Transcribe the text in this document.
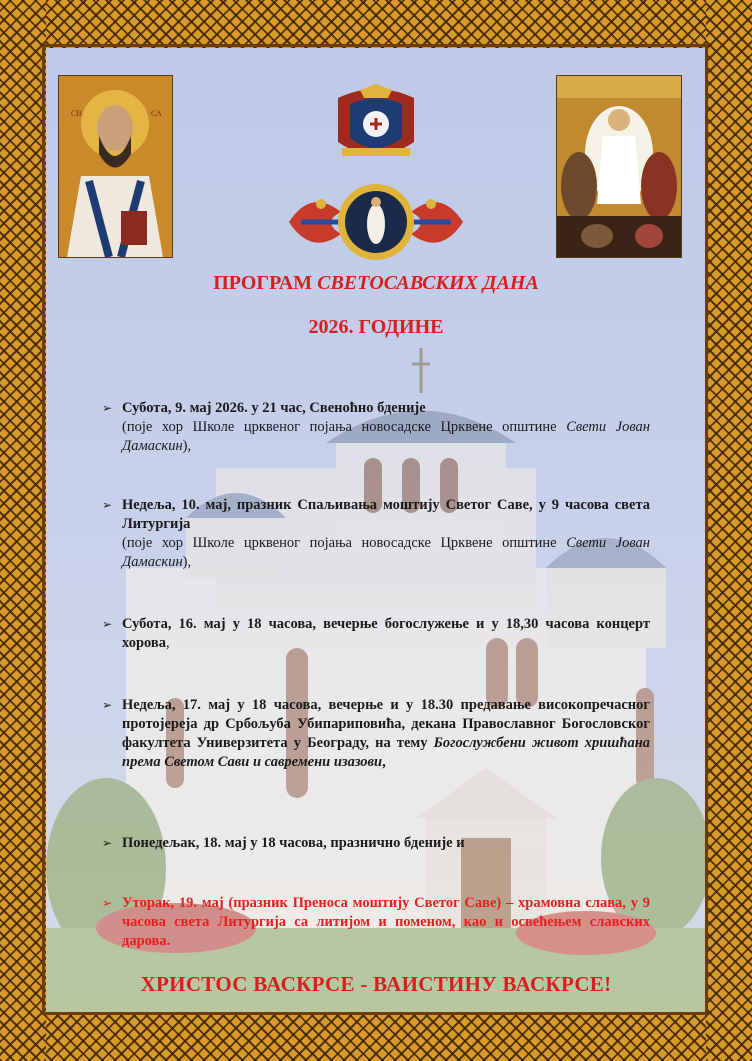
СВ	СА
ПРОГРАМ СВЕТОСАВСКИХ ДАНА
2026. ГОДИНЕ
➢ Субота, 9. мај 2026. у 21 час, Свеноћно бденије
(поје хор Школе црквеног појања новосадске Црквене општине Свети Јован Дамаскин),
➢ Недеља, 10. мај, празник Спаљивања моштију Светог Саве, у 9 часова света Литургија
(поје хор Школе црквеног појања новосадске Црквене општине Свети Јован Дамаскин),
➢ Субота, 16. мај у 18 часова, вечерње богослужење и у 18,30 часова концерт хорова,
➢ Недеља, 17. мај у 18 часова, вечерње и у 18.30 предавање високопречасног протојереја др Србољуба Убипариповића, декана Православног Богословског факултета Универзитета у Београду, на тему Богослужбени живот хришћана према Светом Сави и савремени изазови,
➢ Понедељак, 18. мај у 18 часова, празнично бденије и
➢ Уторак, 19. мај (празник Преноса моштију Светог Саве) – храмовна слава, у 9 часова света Литургија са литијом и поменом, као и освећењем славских дарова.
ХРИСТОС ВАСКРСЕ - ВАИСТИНУ ВАСКРСЕ!
